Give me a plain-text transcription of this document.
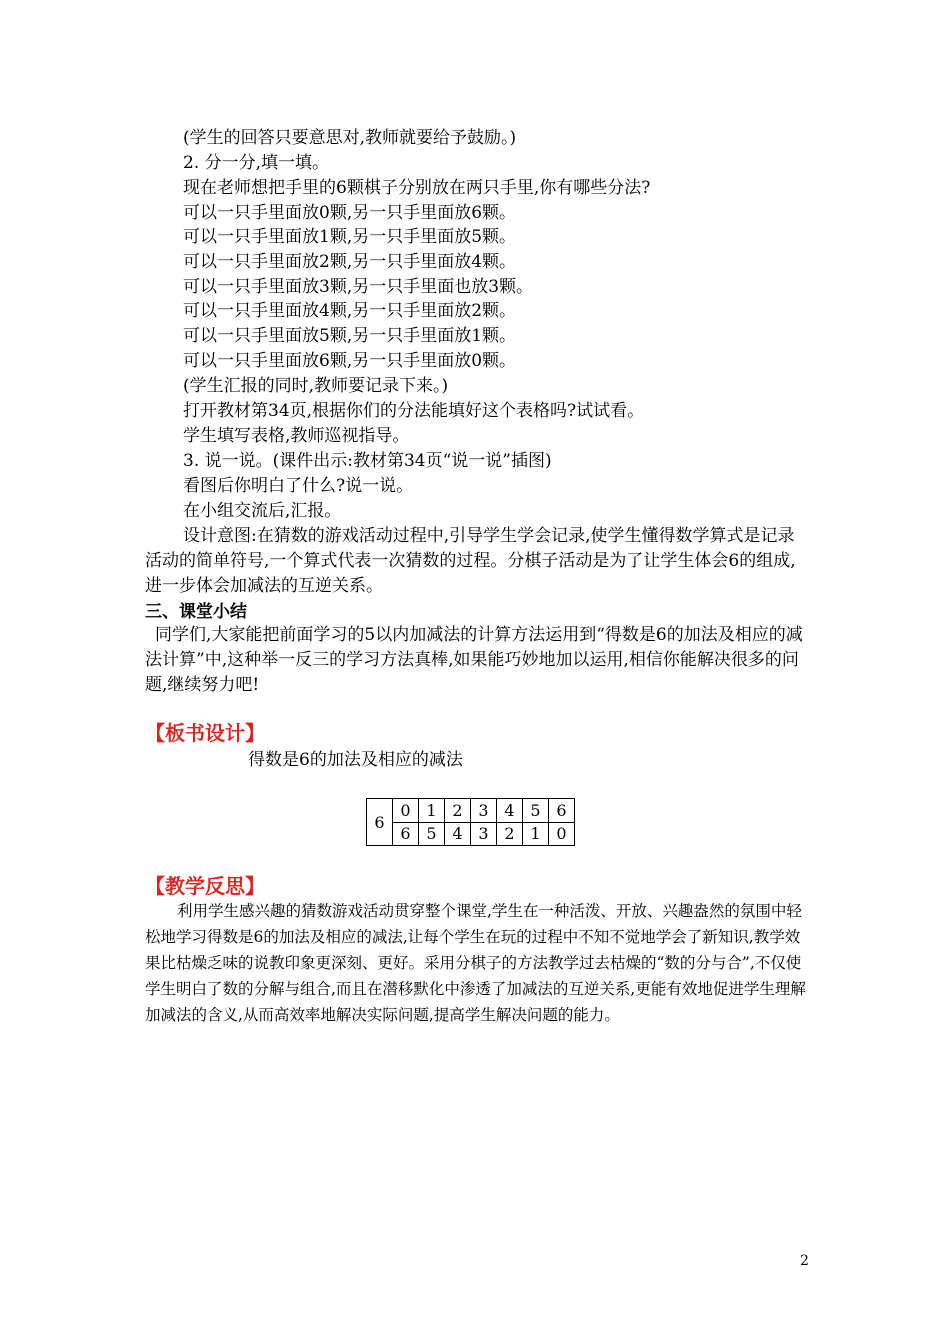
(学生的回答只要意思对,教师就要给予鼓励。)
2. 分一分,填一填。
现在老师想把手里的6颗棋子分别放在两只手里,你有哪些分法?
可以一只手里面放0颗,另一只手里面放6颗。
可以一只手里面放1颗,另一只手里面放5颗。
可以一只手里面放2颗,另一只手里面放4颗。
可以一只手里面放3颗,另一只手里面也放3颗。
可以一只手里面放4颗,另一只手里面放2颗。
可以一只手里面放5颗,另一只手里面放1颗。
可以一只手里面放6颗,另一只手里面放0颗。
(学生汇报的同时,教师要记录下来。)
打开教材第34页,根据你们的分法能填好这个表格吗?试试看。
学生填写表格,教师巡视指导。
3. 说一说。(课件出示:教材第34页“说一说”插图)
看图后你明白了什么?说一说。
在小组交流后,汇报。
设计意图:在猜数的游戏活动过程中,引导学生学会记录,使学生懂得数学算式是记录活动的简单符号,一个算式代表一次猜数的过程。分棋子活动是为了让学生体会6的组成,进一步体会加减法的互逆关系。
三、课堂小结
同学们,大家能把前面学习的5以内加减法的计算方法运用到“得数是6的加法及相应的减法计算”中,这种举一反三的学习方法真棒,如果能巧妙地加以运用,相信你能解决很多的问题,继续努力吧!
【板书设计】
得数是6的加法及相应的减法
6	0	1	2	3	4	5	6
	6	5	4	3	2	1	0
【教学反思】
利用学生感兴趣的猜数游戏活动贯穿整个课堂,学生在一种活泼、开放、兴趣盎然的氛围中轻松地学习得数是6的加法及相应的减法,让每个学生在玩的过程中不知不觉地学会了新知识,教学效果比枯燥乏味的说教印象更深刻、更好。采用分棋子的方法教学过去枯燥的“数的分与合”,不仅使学生明白了数的分解与组合,而且在潜移默化中渗透了加减法的互逆关系,更能有效地促进学生理解加减法的含义,从而高效率地解决实际问题,提高学生解决问题的能力。
2
